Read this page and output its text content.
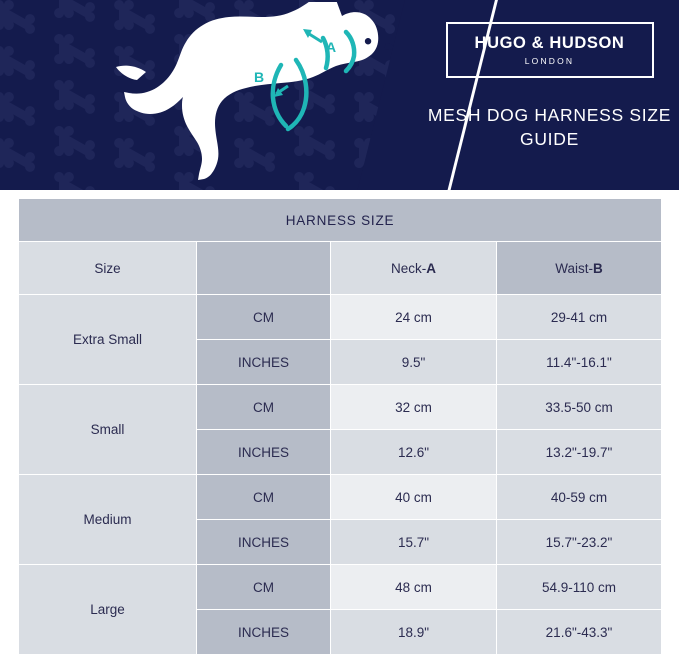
A
B
HUGO & HUDSON
LONDON
MESH DOG HARNESS SIZE GUIDE
HARNESS SIZE			
Size		Neck-A	Waist-B
Extra Small	CM	24 cm	29-41 cm
	INCHES	9.5"	11.4"-16.1"
Small	CM	32 cm	33.5-50 cm
	INCHES	12.6"	13.2"-19.7"
Medium	CM	40 cm	40-59 cm
	INCHES	15.7"	15.7"-23.2"
Large	CM	48 cm	54.9-110 cm
	INCHES	18.9"	21.6"-43.3"
